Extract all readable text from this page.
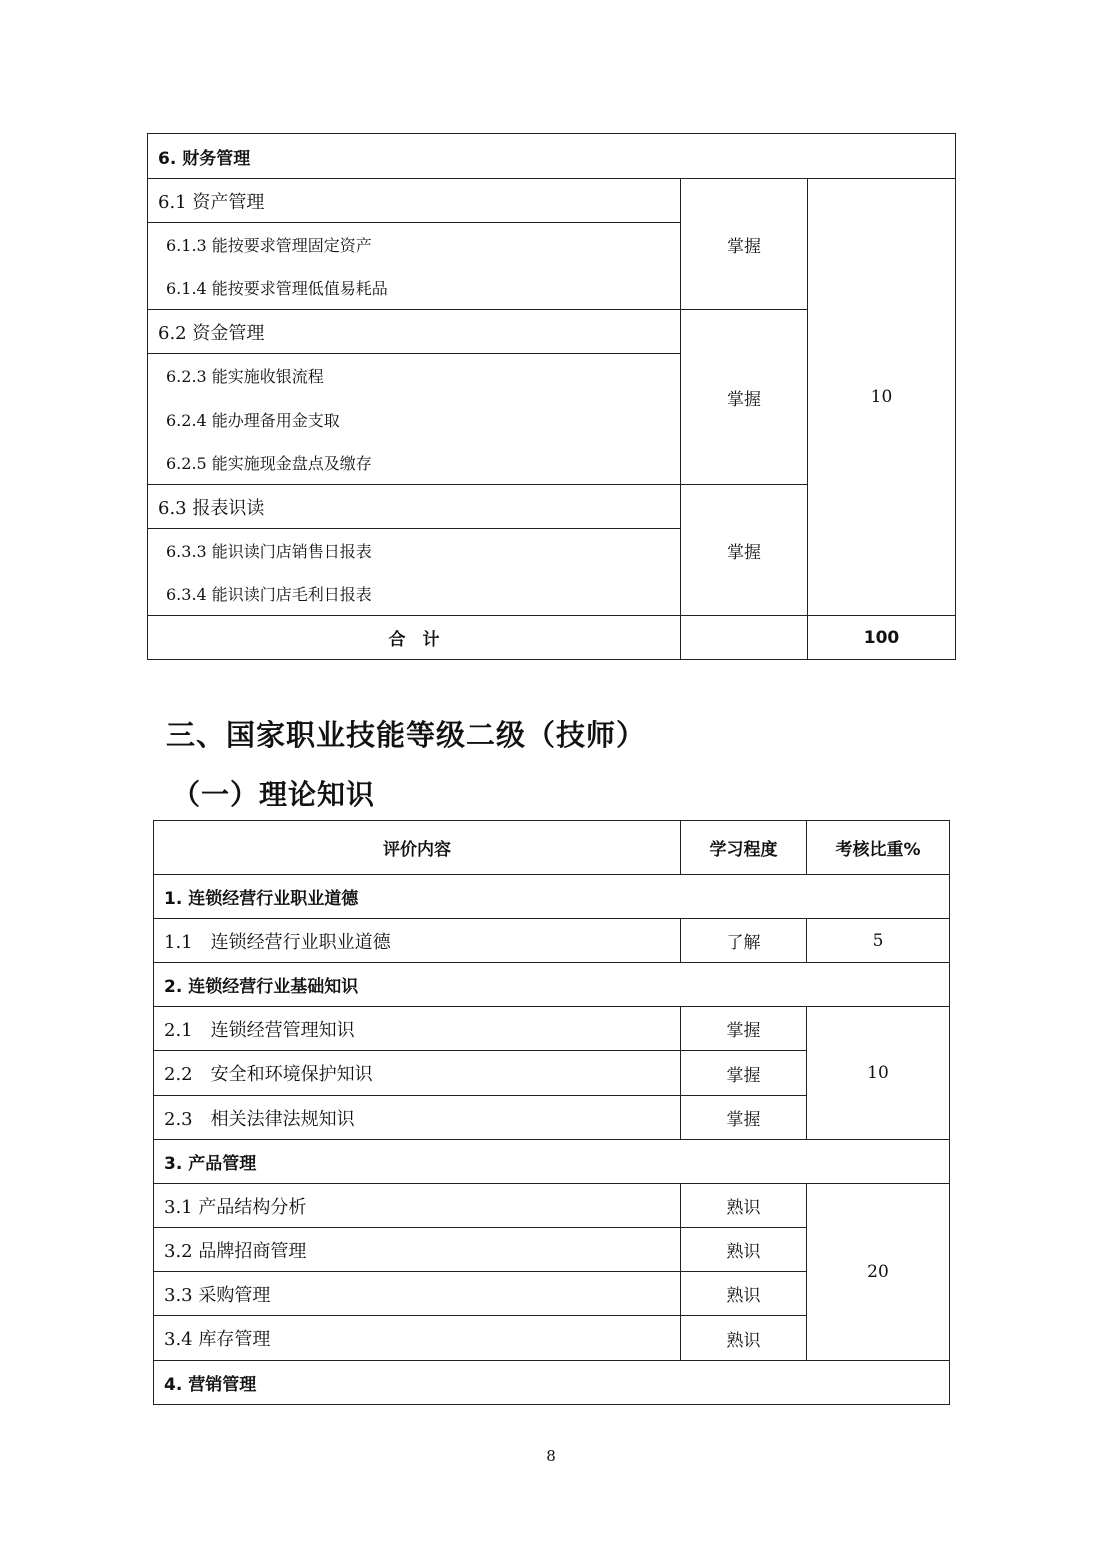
6. 财务管理		
6.1 资产管理	掌握	10
6.1.3 能按要求管理固定资产		
6.1.4 能按要求管理低值易耗品		
6.2 资金管理	掌握	
6.2.3 能实施收银流程		
6.2.4 能办理备用金支取		
6.2.5 能实施现金盘点及缴存		
6.3 报表识读	掌握	
6.3.3 能识读门店销售日报表		
6.3.4 能识读门店毛利日报表		
合　计		100
三、国家职业技能等级二级（技师）
（一）理论知识
评价内容	学习程度	考核比重%
1. 连锁经营行业职业道德		
1.1　连锁经营行业职业道德	了解	5
2. 连锁经营行业基础知识		
2.1　连锁经营管理知识	掌握	10
2.2　安全和环境保护知识	掌握	
2.3　相关法律法规知识	掌握	
3. 产品管理		
3.1 产品结构分析	熟识	20
3.2 品牌招商管理	熟识	
3.3 采购管理	熟识	
3.4 库存管理	熟识	
4. 营销管理		
8
